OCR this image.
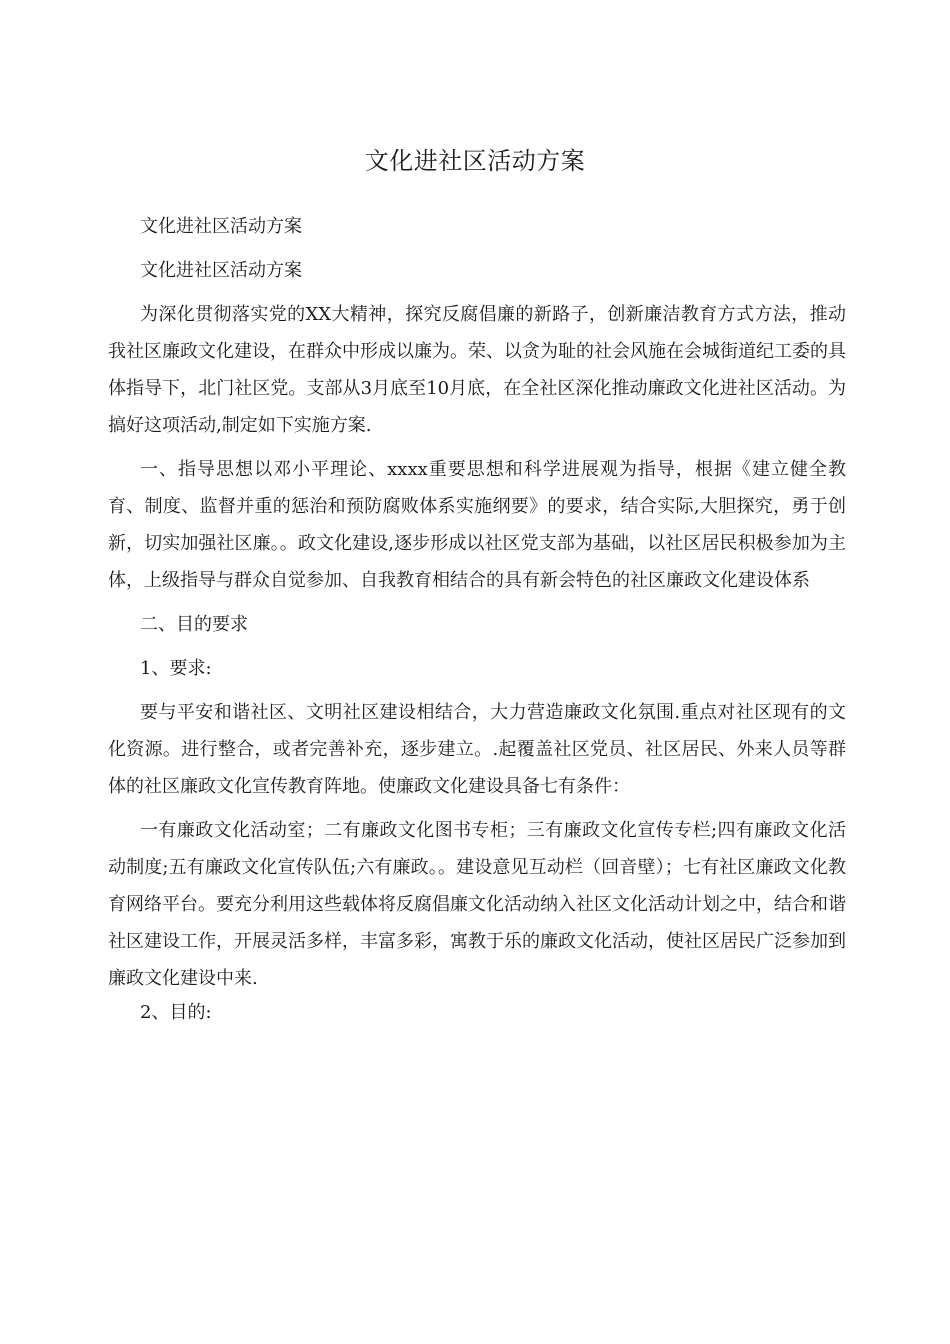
文化进社区活动方案

文化进社区活动方案

文化进社区活动方案

为深化贯彻落实党的XX大精神，探究反腐倡廉的新路子，创新廉洁教育方式方法，推动我社区廉政文化建设，在群众中形成以廉为。荣、以贪为耻的社会风施在会城街道纪工委的具体指导下，北门社区党。支部从3月底至10月底，在全社区深化推动廉政文化进社区活动。为搞好这项活动,制定如下实施方案.

一、指导思想以邓小平理论、xxxx重要思想和科学进展观为指导，根据《建立健全教育、制度、监督并重的惩治和预防腐败体系实施纲要》的要求，结合实际,大胆探究，勇于创新，切实加强社区廉。。政文化建设,逐步形成以社区党支部为基础，以社区居民积极参加为主体，上级指导与群众自觉参加、自我教育相结合的具有新会特色的社区廉政文化建设体系

二、目的要求

1、要求:

要与平安和谐社区、文明社区建设相结合，大力营造廉政文化氛围.重点对社区现有的文化资源。进行整合，或者完善补充，逐步建立。.起覆盖社区党员、社区居民、外来人员等群体的社区廉政文化宣传教育阵地。使廉政文化建设具备七有条件：

一有廉政文化活动室；二有廉政文化图书专柜；三有廉政文化宣传专栏;四有廉政文化活动制度;五有廉政文化宣传队伍;六有廉政。。建设意见互动栏（回音壁）；七有社区廉政文化教育网络平台。要充分利用这些载体将反腐倡廉文化活动纳入社区文化活动计划之中，结合和谐社区建设工作，开展灵活多样，丰富多彩，寓教于乐的廉政文化活动，使社区居民广泛参加到廉政文化建设中来.

2、目的:
